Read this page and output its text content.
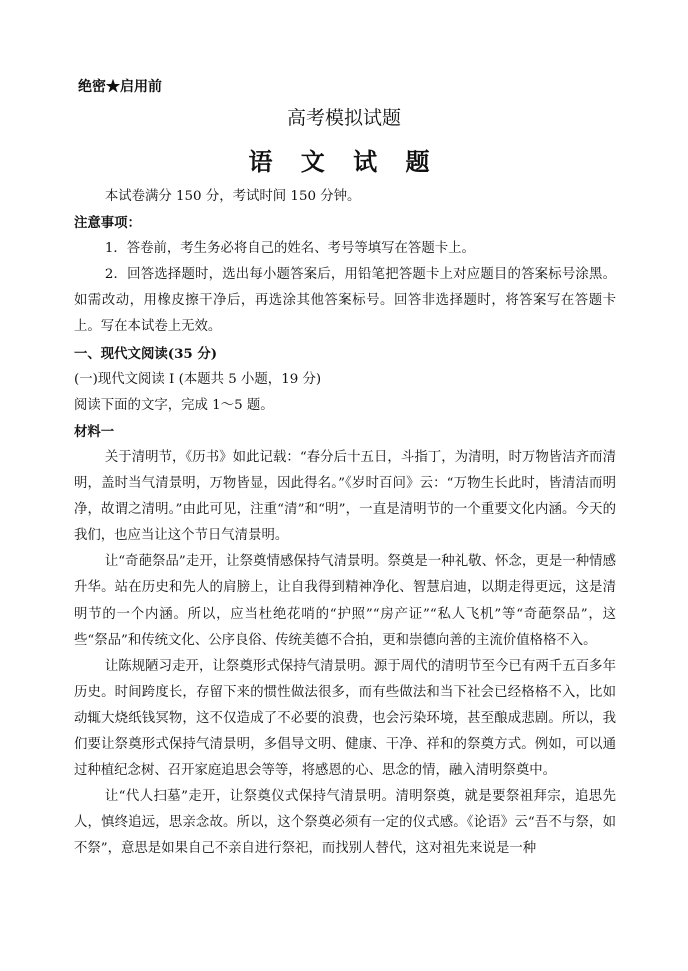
绝密★启用前
高考模拟试题
语 文 试 题

本试卷满分 150 分，考试时间 150 分钟。

注意事项：

1．答卷前，考生务必将自己的姓名、考号等填写在答题卡上。

2．回答选择题时，选出每小题答案后，用铅笔把答题卡上对应题目的答案标号涂黑。如需改动，用橡皮擦干净后，再选涂其他答案标号。回答非选择题时，将答案写在答题卡上。写在本试卷上无效。

一、现代文阅读(35 分)

(一)现代文阅读 I (本题共 5 小题，19 分)

阅读下面的文字，完成 1～5 题。

材料一

关于清明节，《历书》如此记载：“春分后十五日，斗指丁，为清明，时万物皆洁齐而清明，盖时当气清景明，万物皆显，因此得名。”《岁时百问》云：“万物生长此时，皆清洁而明净，故谓之清明。”由此可见，注重“清”和“明”，一直是清明节的一个重要文化内涵。今天的我们，也应当让这个节日气清景明。

让“奇葩祭品”走开，让祭奠情感保持气清景明。祭奠是一种礼敬、怀念，更是一种情感升华。站在历史和先人的肩膀上，让自我得到精神净化、智慧启迪，以期走得更远，这是清明节的一个内涵。所以，应当杜绝花哨的“护照”“房产证”“私人飞机”等“奇葩祭品”，这些“祭品”和传统文化、公序良俗、传统美德不合拍，更和崇德向善的主流价值格格不入。

让陈规陋习走开，让祭奠形式保持气清景明。源于周代的清明节至今已有两千五百多年历史。时间跨度长，存留下来的惯性做法很多，而有些做法和当下社会已经格格不入，比如动辄大烧纸钱冥物，这不仅造成了不必要的浪费，也会污染环境，甚至酿成悲剧。所以，我们要让祭奠形式保持气清景明，多倡导文明、健康、干净、祥和的祭奠方式。例如，可以通过种植纪念树、召开家庭追思会等等，将感恩的心、思念的情，融入清明祭奠中。

让“代人扫墓”走开，让祭奠仪式保持气清景明。清明祭奠，就是要祭祖拜宗，追思先人，慎终追远，思亲念故。所以，这个祭奠必须有一定的仪式感。《论语》云“吾不与祭，如不祭”，意思是如果自己不亲自进行祭祀，而找别人替代，这对祖先来说是一种
